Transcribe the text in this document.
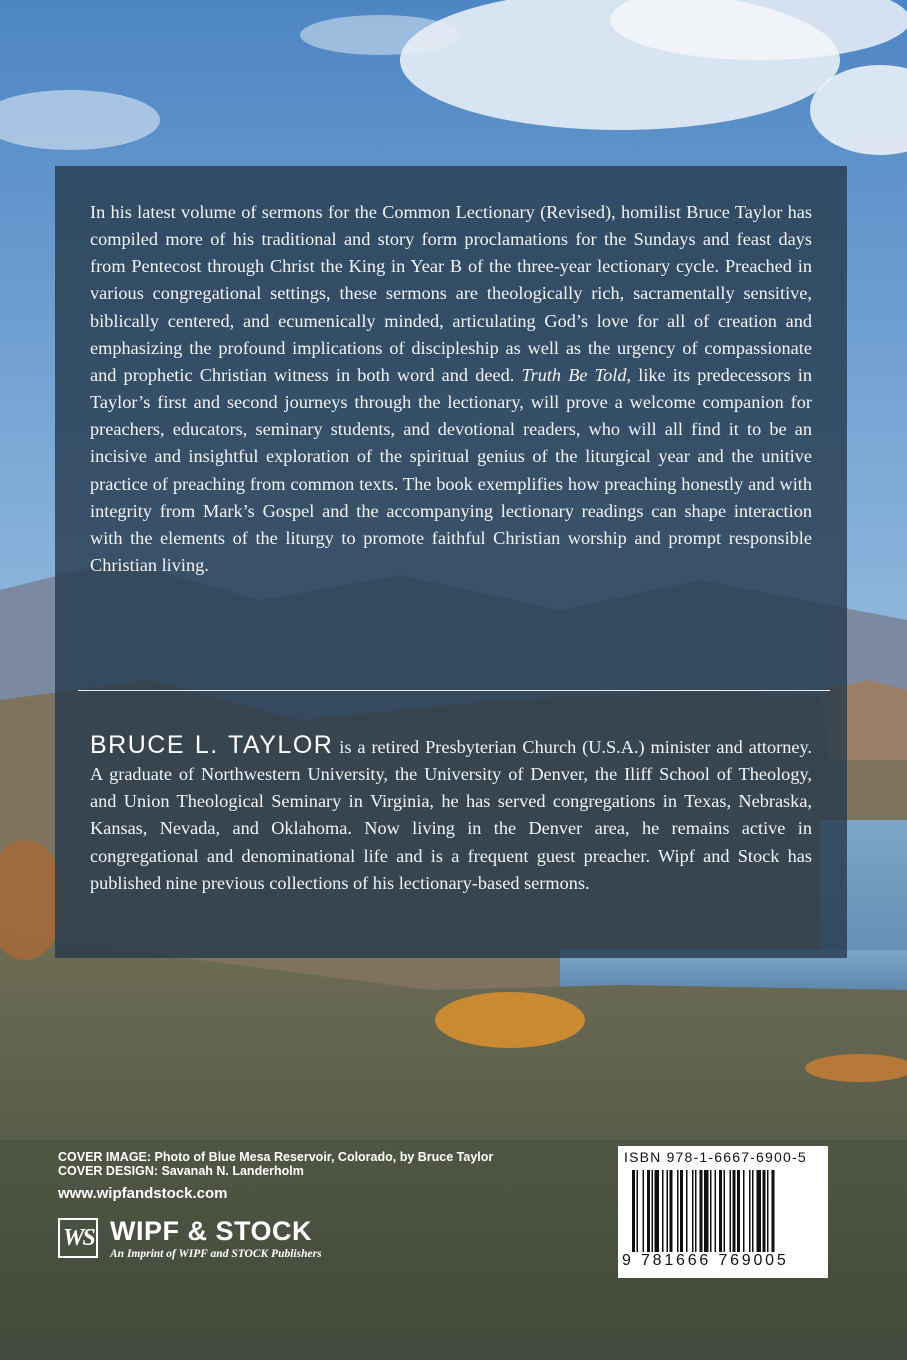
In his latest volume of sermons for the Common Lectionary (Revised), homilist Bruce Taylor has compiled more of his traditional and story form proclamations for the Sundays and feast days from Pentecost through Christ the King in Year B of the three-year lectionary cycle. Preached in various congregational settings, these sermons are theologically rich, sacramentally sensitive, biblically centered, and ecumenically minded, articulating God’s love for all of creation and emphasizing the profound implications of discipleship as well as the urgency of compassionate and prophetic Christian witness in both word and deed. Truth Be Told, like its predecessors in Taylor’s first and second journeys through the lectionary, will prove a welcome companion for preachers, educators, seminary students, and devotional readers, who will all find it to be an incisive and insightful exploration of the spiritual genius of the liturgical year and the unitive practice of preaching from common texts. The book exemplifies how preaching honestly and with integrity from Mark’s Gospel and the accompanying lectionary readings can shape interaction with the elements of the liturgy to promote faithful Christian worship and prompt responsible Christian living.

BRUCE L. TAYLOR is a retired Presbyterian Church (U.S.A.) minister and attorney. A graduate of Northwestern University, the University of Denver, the Iliff School of Theology, and Union Theological Seminary in Virginia, he has served congregations in Texas, Nebraska, Kansas, Nevada, and Oklahoma. Now living in the Denver area, he remains active in congregational and denominational life and is a frequent guest preacher. Wipf and Stock has published nine previous collections of his lectionary-based sermons.

COVER IMAGE: Photo of Blue Mesa Reservoir, Colorado, by Bruce Taylor
COVER DESIGN: Savanah N. Landerholm
www.wipfandstock.com
WS WIPF & STOCK
An Imprint of WIPF and STOCK Publishers
ISBN 978-1-6667-6900-5
9 781666 769005
